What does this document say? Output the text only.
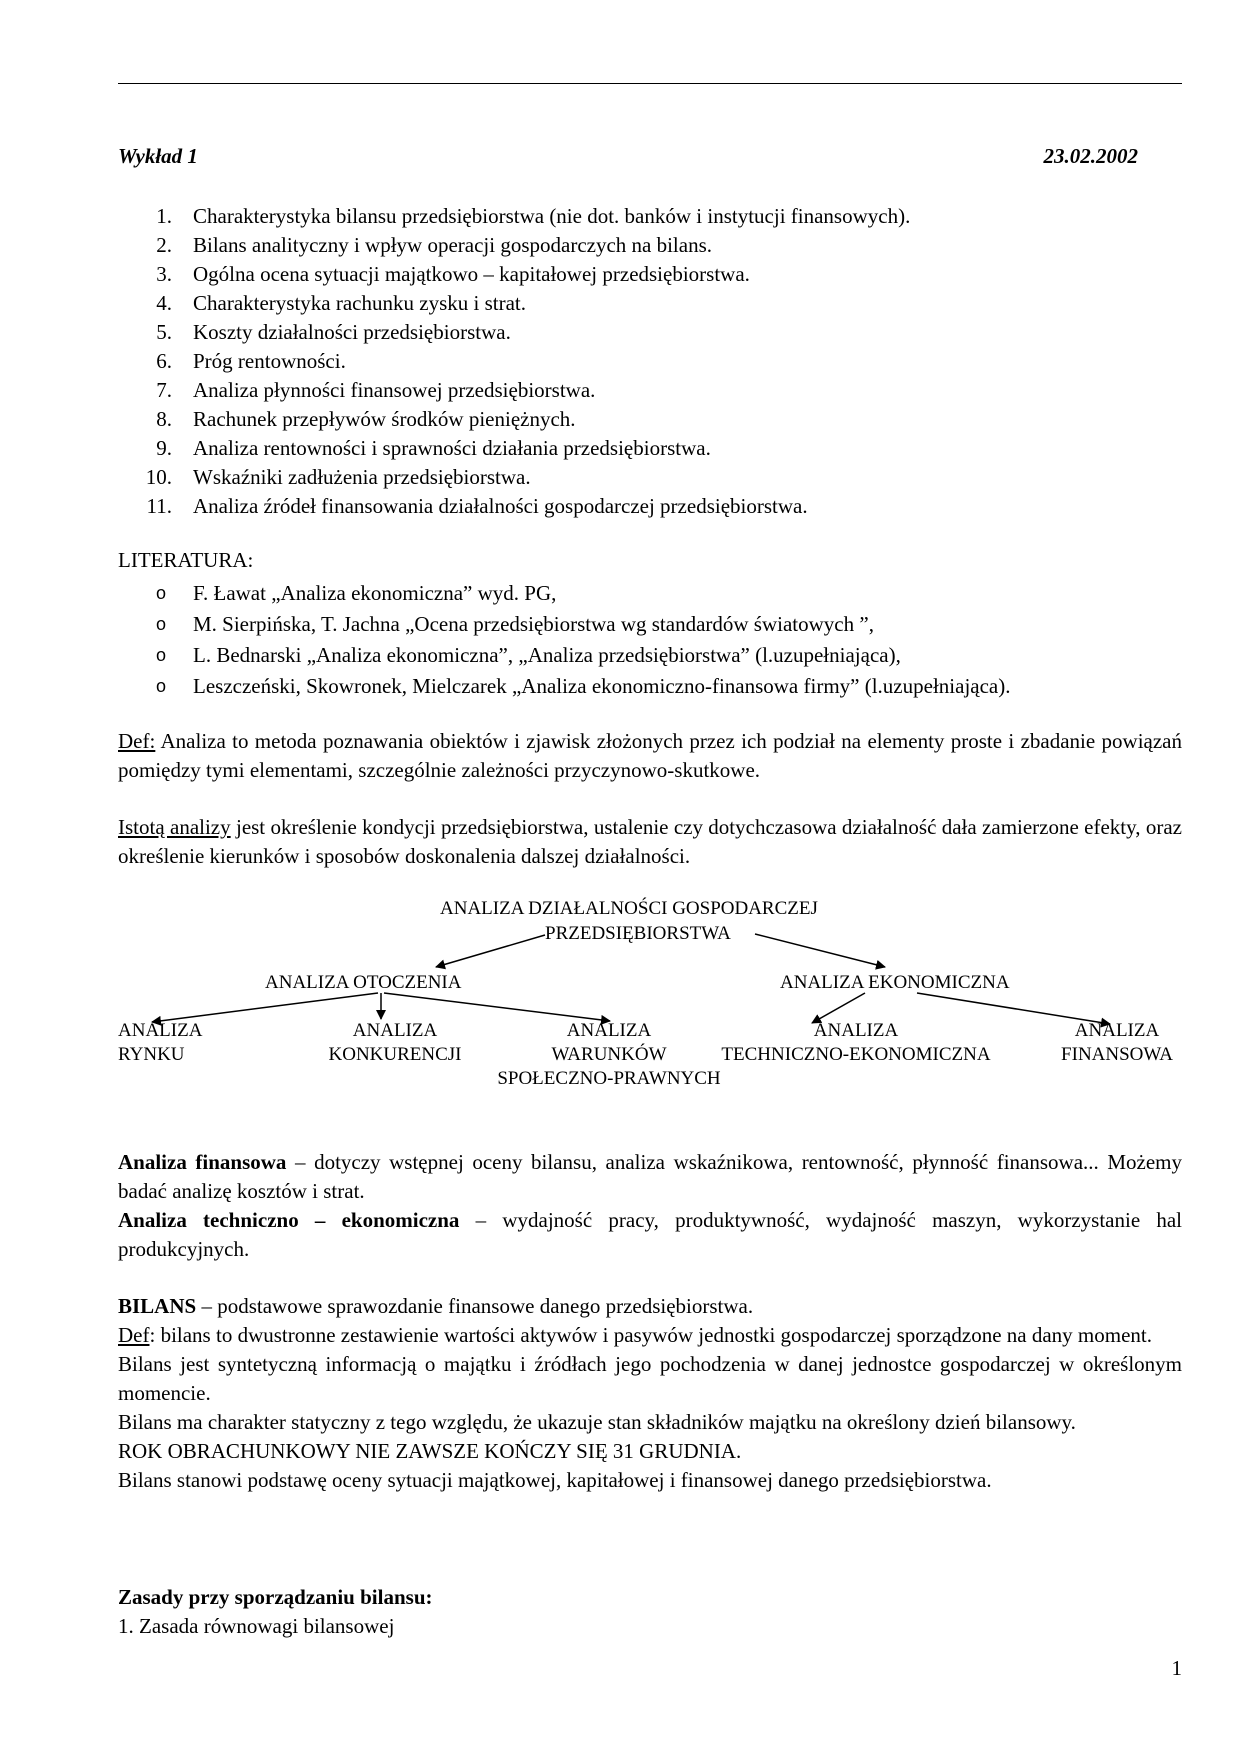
Wykład 1	23.02.2002
1. Charakterystyka bilansu przedsiębiorstwa (nie dot. banków i instytucji finansowych).
2. Bilans analityczny i wpływ operacji gospodarczych na bilans.
3. Ogólna ocena sytuacji majątkowo – kapitałowej przedsiębiorstwa.
4. Charakterystyka rachunku zysku i strat.
5. Koszty działalności przedsiębiorstwa.
6. Próg rentowności.
7. Analiza płynności finansowej przedsiębiorstwa.
8. Rachunek przepływów środków pieniężnych.
9. Analiza rentowności i sprawności działania przedsiębiorstwa.
10. Wskaźniki zadłużenia przedsiębiorstwa.
11. Analiza źródeł finansowania działalności gospodarczej przedsiębiorstwa.
LITERATURA:
o F. Ławat „Analiza ekonomiczna” wyd. PG,
o M. Sierpińska, T. Jachna „Ocena przedsiębiorstwa wg standardów światowych ”,
o L. Bednarski „Analiza ekonomiczna”, „Analiza przedsiębiorstwa” (l.uzupełniająca),
o Leszczeński, Skowronek, Mielczarek „Analiza ekonomiczno-finansowa firmy” (l.uzupełniająca).
Def: Analiza to metoda poznawania obiektów i zjawisk złożonych przez ich podział na elementy proste i zbadanie powiązań pomiędzy tymi elementami, szczególnie zależności przyczynowo-skutkowe.
Istotą analizy jest określenie kondycji przedsiębiorstwa, ustalenie czy dotychczasowa działalność dała zamierzone efekty, oraz określenie kierunków i sposobów doskonalenia dalszej działalności.
ANALIZA DZIAŁALNOŚCI GOSPODARCZEJ
PRZEDSIĘBIORSTWA
ANALIZA OTOCZENIA	ANALIZA EKONOMICZNA
ANALIZA
RYNKU
ANALIZA
KONKURENCJI
ANALIZA
WARUNKÓW
SPOŁECZNO-PRAWNYCH
ANALIZA
TECHNICZNO-EKONOMICZNA
ANALIZA
FINANSOWA
Analiza finansowa – dotyczy wstępnej oceny bilansu, analiza wskaźnikowa, rentowność, płynność finansowa... Możemy badać analizę kosztów i strat.
Analiza techniczno – ekonomiczna – wydajność pracy, produktywność, wydajność maszyn, wykorzystanie hal produkcyjnych.
BILANS – podstawowe sprawozdanie finansowe danego przedsiębiorstwa.
Def: bilans to dwustronne zestawienie wartości aktywów i pasywów jednostki gospodarczej sporządzone na dany moment.
Bilans jest syntetyczną informacją o majątku i źródłach jego pochodzenia w danej jednostce gospodarczej w określonym momencie.
Bilans ma charakter statyczny z tego względu, że ukazuje stan składników majątku na określony dzień bilansowy.
ROK OBRACHUNKOWY NIE ZAWSZE KOŃCZY SIĘ 31 GRUDNIA.
Bilans stanowi podstawę oceny sytuacji majątkowej, kapitałowej i finansowej danego przedsiębiorstwa.
Zasady przy sporządzaniu bilansu:
1. Zasada równowagi bilansowej
1
